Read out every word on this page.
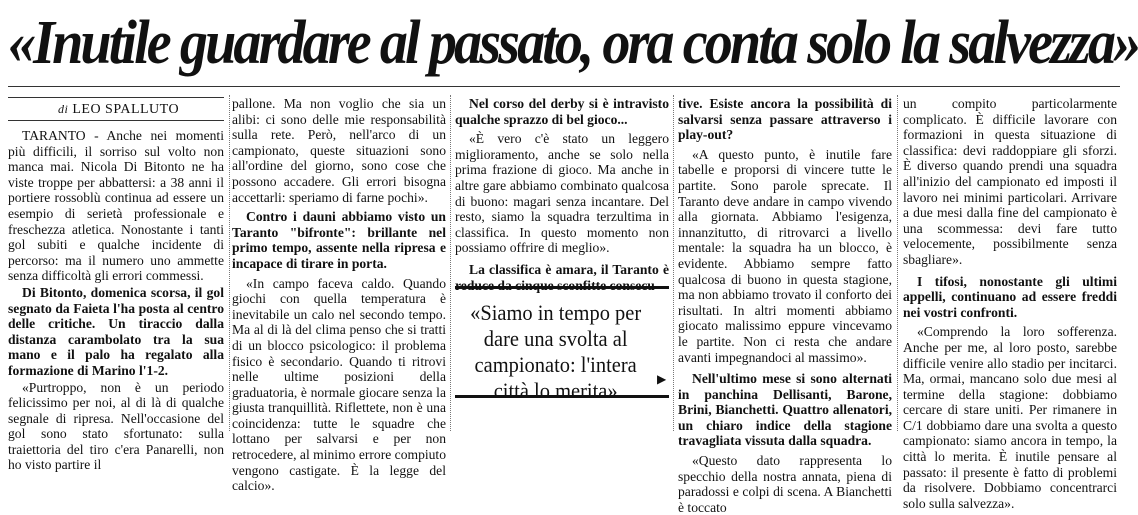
«Inutile guardare al passato, ora conta solo la salvezza»
di LEO SPALLUTO

TARANTO - Anche nei momenti più difficili, il sorriso sul volto non manca mai. Nicola Di Bitonto ne ha viste troppe per abbattersi: a 38 anni il portiere rossoblù continua ad essere un esempio di serietà professionale e freschezza atletica. Nonostante i tanti gol subiti e qualche incidente di percorso: ma il numero uno ammette senza difficoltà gli errori commessi.

Di Bitonto, domenica scorsa, il gol segnato da Faieta l'ha posta al centro delle critiche. Un tiraccio dalla distanza carambolato tra la sua mano e il palo ha regalato alla formazione di Marino l'1-2.

«Purtroppo, non è un periodo felicissimo per noi, al di là di qualche segnale di ripresa. Nell'occasione del gol sono stato sfortunato: sulla traiettoria del tiro c'era Panarelli, non ho visto partire il

pallone. Ma non voglio che sia un alibi: ci sono delle mie responsabilità sulla rete. Però, nell'arco di un campionato, queste situazioni sono all'ordine del giorno, sono cose che possono accadere. Gli errori bisogna accettarli: speriamo di farne pochi».

Contro i dauni abbiamo visto un Taranto "bifronte": brillante nel primo tempo, assente nella ripresa e incapace di tirare in porta.

«In campo faceva caldo. Quando giochi con quella temperatura è inevitabile un calo nel secondo tempo. Ma al di là del clima penso che si tratti di un blocco psicologico: il problema fisico è secondario. Quando ti ritrovi nelle ultime posizioni della graduatoria, è normale giocare senza la giusta tranquillità. Riflettete, non è una coincidenza: tutte le squadre che lottano per salvarsi e per non retrocedere, al minimo errore compiuto vengono castigate. È la legge del calcio».

Nel corso del derby si è intravisto qualche sprazzo di bel gioco...

«È vero c'è stato un leggero miglioramento, anche se solo nella prima frazione di gioco. Ma anche in altre gare abbiamo combinato qualcosa di buono: magari senza incantare. Del resto, siamo la squadra terzultima in classifica. In questo momento non possiamo offrire di meglio».

La classifica è amara, il Taranto è reduce da cinque sconfitte consecu-

«Siamo in tempo per dare una svolta al campionato: l'intera città lo merita»	▶

tive. Esiste ancora la possibilità di salvarsi senza passare attraverso i play-out?

«A questo punto, è inutile fare tabelle e proporsi di vincere tutte le partite. Sono parole sprecate. Il Taranto deve andare in campo vivendo alla giornata. Abbiamo l'esigenza, innanzitutto, di ritrovarci a livello mentale: la squadra ha un blocco, è evidente. Abbiamo sempre fatto qualcosa di buono in questa stagione, ma non abbiamo trovato il conforto dei risultati. In altri momenti abbiamo giocato malissimo eppure vincevamo le partite. Non ci resta che andare avanti impegnandoci al massimo».

Nell'ultimo mese si sono alternati in panchina Dellisanti, Barone, Brini, Bianchetti. Quattro allenatori, un chiaro indice della stagione travagliata vissuta dalla squadra.

«Questo dato rappresenta lo specchio della nostra annata, piena di paradossi e colpi di scena. A Bianchetti è toccato

un compito particolarmente complicato. È difficile lavorare con formazioni in questa situazione di classifica: devi raddoppiare gli sforzi. È diverso quando prendi una squadra all'inizio del campionato ed imposti il lavoro nei minimi particolari. Arrivare a due mesi dalla fine del campionato è una scommessa: devi fare tutto velocemente, possibilmente senza sbagliare».

I tifosi, nonostante gli ultimi appelli, continuano ad essere freddi nei vostri confronti.

«Comprendo la loro sofferenza. Anche per me, al loro posto, sarebbe difficile venire allo stadio per incitarci. Ma, ormai, mancano solo due mesi al termine della stagione: dobbiamo cercare di stare uniti. Per rimanere in C/1 dobbiamo dare una svolta a questo campionato: siamo ancora in tempo, la città lo merita. È inutile pensare al passato: il presente è fatto di problemi da risolvere. Dobbiamo concentrarci solo sulla salvezza».
